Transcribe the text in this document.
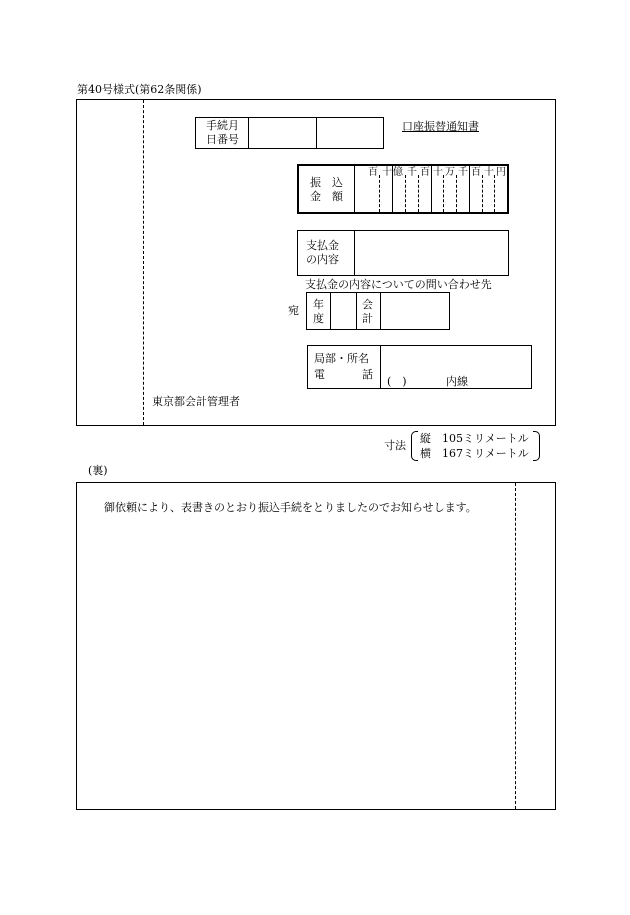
第40号様式(第62条関係)
手続月
日番号
口座振替通知書
振　込
金　額
百 十 億 千 百 十 万 千 百 十 円
支払金
の内容
支払金の内容についての問い合わせ先
宛 年
度
会
計
局部・所名
電	話
(　)	内線
東京都会計管理者
寸法
縦　105ミリメートル
横　167ミリメートル
(裏)
御依頼により、表書きのとおり振込手続をとりましたのでお知らせします。
